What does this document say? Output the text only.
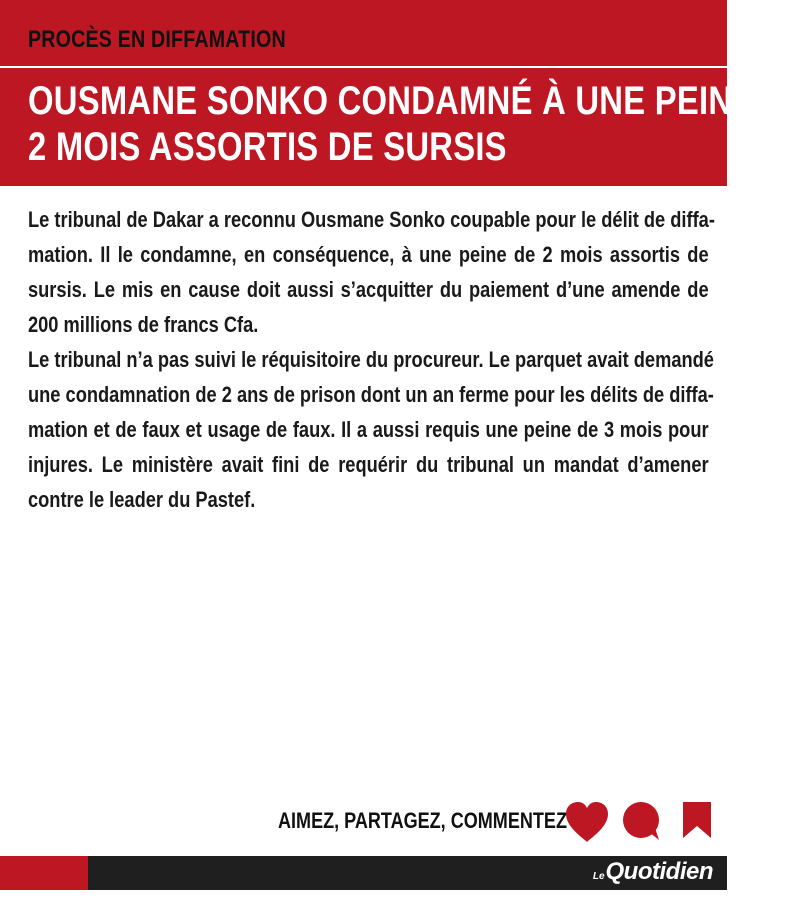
PROCÈS EN DIFFAMATION
OUSMANE SONKO CONDAMNÉ À UNE PEINE DE
2 MOIS ASSORTIS DE SURSIS
Le tribunal de Dakar a reconnu Ousmane Sonko coupable pour le délit de diffa-
mation. Il le condamne, en conséquence, à une peine de 2 mois assortis de
sursis. Le mis en cause doit aussi s’acquitter du paiement d’une amende de
200 millions de francs Cfa.
Le tribunal n’a pas suivi le réquisitoire du procureur. Le parquet avait demandé
une condamnation de 2 ans de prison dont un an ferme pour les délits de diffa-
mation et de faux et usage de faux. Il a aussi requis une peine de 3 mois pour
injures. Le ministère avait fini de requérir du tribunal un mandat d’amener
contre le leader du Pastef.
AIMEZ, PARTAGEZ, COMMENTEZ
LeQuotidien
